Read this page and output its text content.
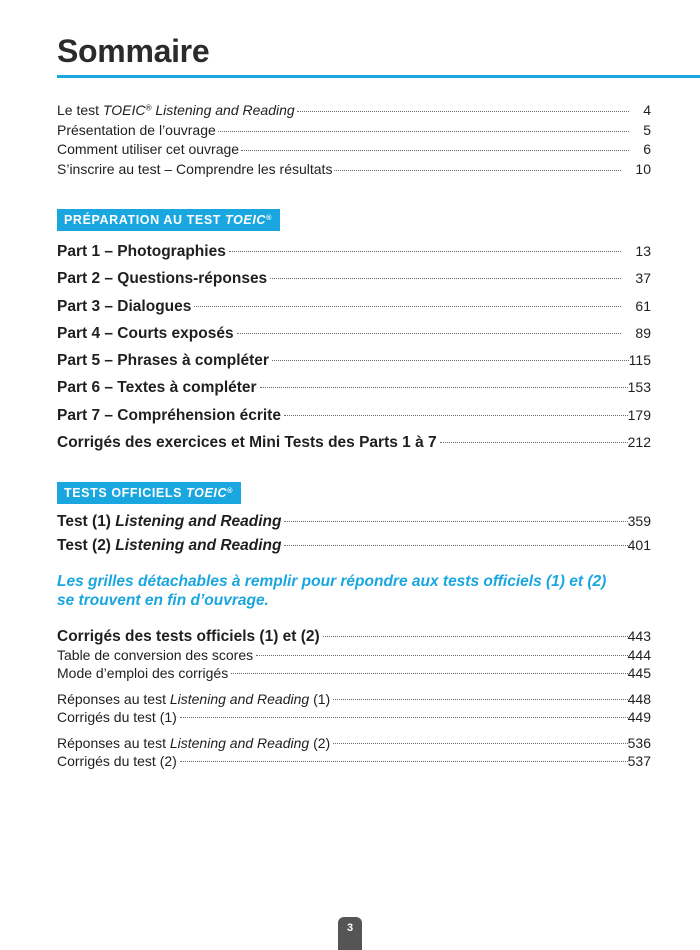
Sommaire
Le test TOEIC® Listening and Reading	4
Présentation de l’ouvrage	5
Comment utiliser cet ouvrage	6
S’inscrire au test – Comprendre les résultats	10
PRÉPARATION AU TEST TOEIC®
Part 1 – Photographies	13
Part 2 – Questions-réponses	37
Part 3 – Dialogues	61
Part 4 – Courts exposés	89
Part 5 – Phrases à compléter	115
Part 6 – Textes à compléter	153
Part 7 – Compréhension écrite	179
Corrigés des exercices et Mini Tests des Parts 1 à 7	212
TESTS OFFICIELS TOEIC®
Test (1) Listening and Reading	359
Test (2) Listening and Reading	401
Les grilles détachables à remplir pour répondre aux tests officiels (1) et (2)
se trouvent en fin d’ouvrage.
Corrigés des tests officiels (1) et (2)	443
Table de conversion des scores	444
Mode d’emploi des corrigés	445
Réponses au test Listening and Reading (1)	448
Corrigés du test (1)	449
Réponses au test Listening and Reading (2)	536
Corrigés du test (2)	537
3
